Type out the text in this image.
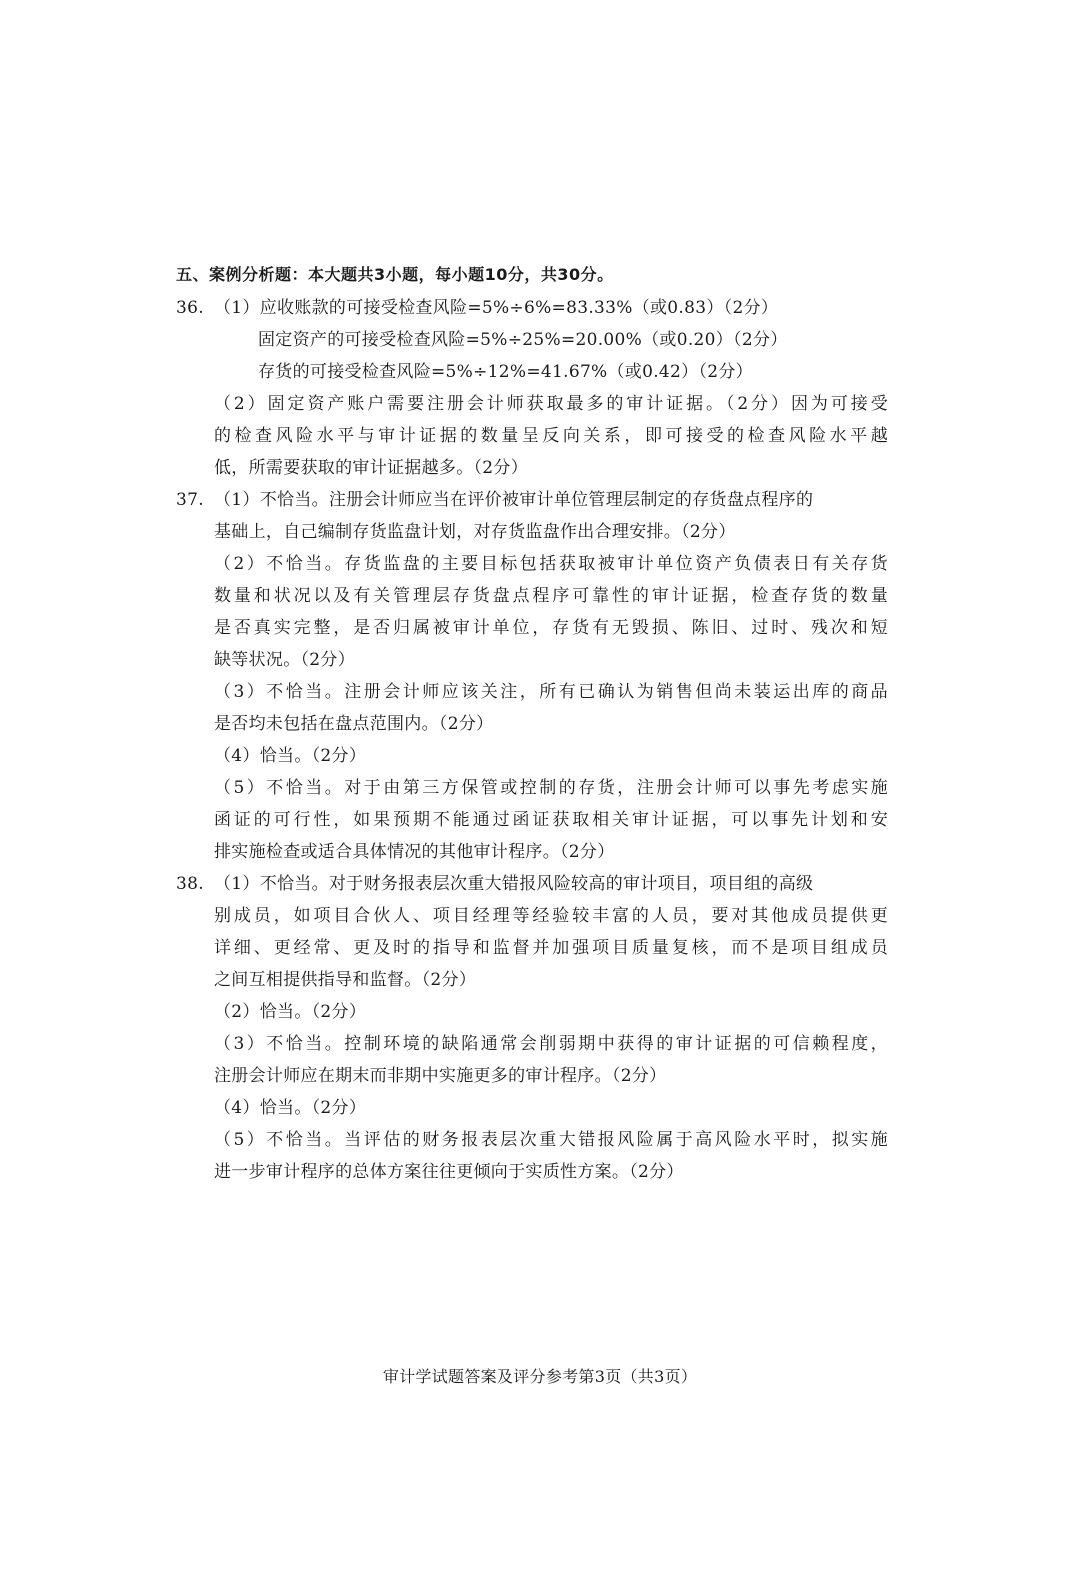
五、案例分析题：本大题共3小题，每小题10分，共30分。
36. （1）应收账款的可接受检查风险=5%÷6%=83.33%（或0.83）（2分）
固定资产的可接受检查风险=5%÷25%=20.00%（或0.20）（2分）
存货的可接受检查风险=5%÷12%=41.67%（或0.42）（2分）
（2）固定资产账户需要注册会计师获取最多的审计证据。（2分）因为可接受
的检查风险水平与审计证据的数量呈反向关系，即可接受的检查风险水平越
低，所需要获取的审计证据越多。（2分）
37. （1）不恰当。注册会计师应当在评价被审计单位管理层制定的存货盘点程序的
基础上，自己编制存货监盘计划，对存货监盘作出合理安排。（2分）
（2）不恰当。存货监盘的主要目标包括获取被审计单位资产负债表日有关存货
数量和状况以及有关管理层存货盘点程序可靠性的审计证据，检查存货的数量
是否真实完整，是否归属被审计单位，存货有无毁损、陈旧、过时、残次和短
缺等状况。（2分）
（3）不恰当。注册会计师应该关注，所有已确认为销售但尚未装运出库的商品
是否均未包括在盘点范围内。（2分）
（4）恰当。（2分）
（5）不恰当。对于由第三方保管或控制的存货，注册会计师可以事先考虑实施
函证的可行性，如果预期不能通过函证获取相关审计证据，可以事先计划和安
排实施检查或适合具体情况的其他审计程序。（2分）
38. （1）不恰当。对于财务报表层次重大错报风险较高的审计项目，项目组的高级
别成员，如项目合伙人、项目经理等经验较丰富的人员，要对其他成员提供更
详细、更经常、更及时的指导和监督并加强项目质量复核，而不是项目组成员
之间互相提供指导和监督。（2分）
（2）恰当。（2分）
（3）不恰当。控制环境的缺陷通常会削弱期中获得的审计证据的可信赖程度，
注册会计师应在期末而非期中实施更多的审计程序。（2分）
（4）恰当。（2分）
（5）不恰当。当评估的财务报表层次重大错报风险属于高风险水平时，拟实施
进一步审计程序的总体方案往往更倾向于实质性方案。（2分）
审计学试题答案及评分参考第3页（共3页）
